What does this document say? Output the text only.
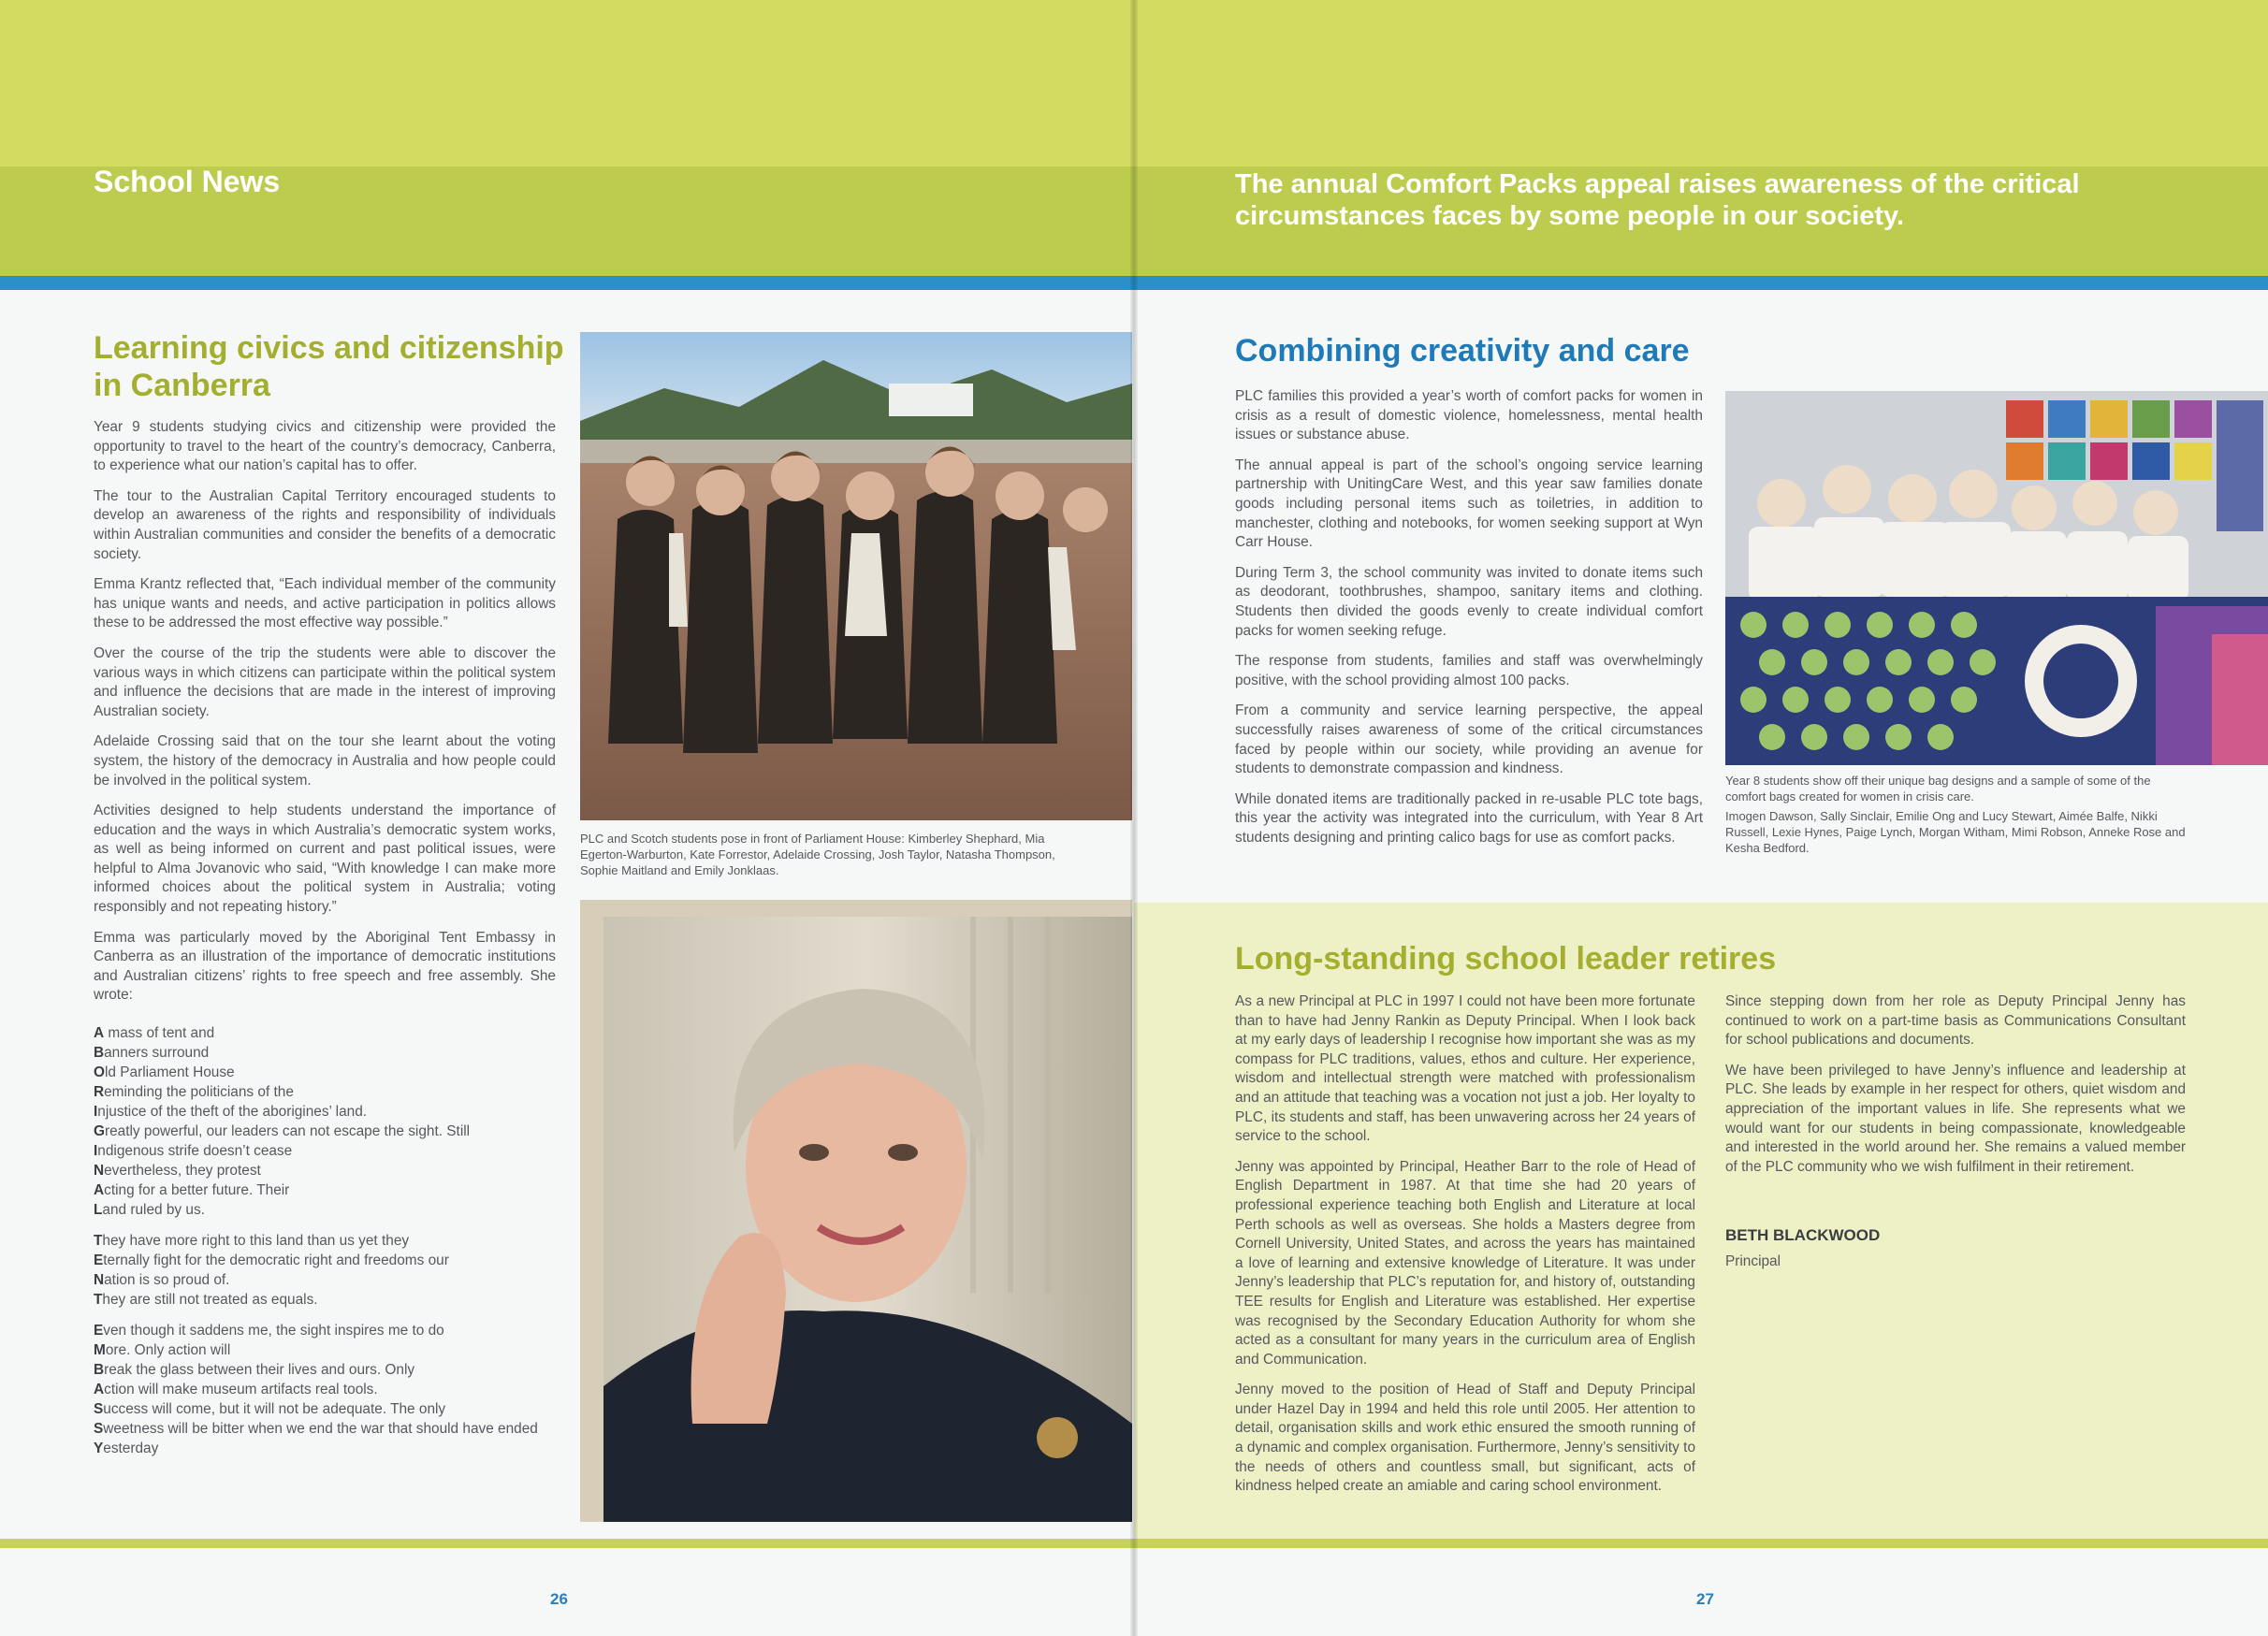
School News
Learning civics and citizenship in Canberra

Year 9 students studying civics and citizenship were provided the opportunity to travel to the heart of the country’s democracy, Canberra, to experience what our nation’s capital has to offer.

The tour to the Australian Capital Territory encouraged students to develop an awareness of the rights and responsibility of individuals within Australian communities and consider the benefits of a democratic society.

Emma Krantz reflected that, “Each individual member of the community has unique wants and needs, and active participation in politics allows these to be addressed the most effective way possible.”

Over the course of the trip the students were able to discover the various ways in which citizens can participate within the political system and influence the decisions that are made in the interest of improving Australian society.

Adelaide Crossing said that on the tour she learnt about the voting system, the history of the democracy in Australia and how people could be involved in the political system.

Activities designed to help students understand the importance of education and the ways in which Australia’s democratic system works, as well as being informed on current and past political issues, were helpful to Alma Jovanovic who said, “With knowledge I can make more informed choices about the political system in Australia; voting responsibly and not repeating history.”

Emma was particularly moved by the Aboriginal Tent Embassy in Canberra as an illustration of the importance of democratic institutions and Australian citizens’ rights to free speech and free assembly. She wrote:

A mass of tent and
Banners surround
Old Parliament House
Reminding the politicians of the
Injustice of the theft of the aborigines’ land.
Greatly powerful, our leaders can not escape the sight. Still
Indigenous strife doesn’t cease
Nevertheless, they protest
Acting for a better future. Their
Land ruled by us.
They have more right to this land than us yet they
Eternally fight for the democratic right and freedoms our
Nation is so proud of.
They are still not treated as equals.
Even though it saddens me, the sight inspires me to do
More. Only action will
Break the glass between their lives and ours. Only
Action will make museum artifacts real tools.
Success will come, but it will not be adequate. The only
Sweetness will be bitter when we end the war that should have ended
Yesterday
PLC and Scotch students pose in front of Parliament House: Kimberley Shephard, Mia Egerton-Warburton, Kate Forrestor, Adelaide Crossing, Josh Taylor, Natasha Thompson, Sophie Maitland and Emily Jonklaas.
26
The annual Comfort Packs appeal raises awareness of the critical circumstances faces by some people in our society.
Combining creativity and care

PLC families this provided a year’s worth of comfort packs for women in crisis as a result of domestic violence, homelessness, mental health issues or substance abuse.

The annual appeal is part of the school’s ongoing service learning partnership with UnitingCare West, and this year saw families donate goods including personal items such as toiletries, in addition to manchester, clothing and notebooks, for women seeking support at Wyn Carr House.

During Term 3, the school community was invited to donate items such as deodorant, toothbrushes, shampoo, sanitary items and clothing. Students then divided the goods evenly to create individual comfort packs for women seeking refuge.

The response from students, families and staff was overwhelmingly positive, with the school providing almost 100 packs.

From a community and service learning perspective, the appeal successfully raises awareness of some of the critical circumstances faced by people within our society, while providing an avenue for students to demonstrate compassion and kindness.

While donated items are traditionally packed in re-usable PLC tote bags, this year the activity was integrated into the curriculum, with Year 8 Art students designing and printing calico bags for use as comfort packs.

Year 8 students show off their unique bag designs and a sample of some of the comfort bags created for women in crisis care.
Imogen Dawson, Sally Sinclair, Emilie Ong and Lucy Stewart, Aimée Balfe, Nikki Russell, Lexie Hynes, Paige Lynch, Morgan Witham, Mimi Robson, Anneke Rose and Kesha Bedford.
Long-standing school leader retires

As a new Principal at PLC in 1997 I could not have been more fortunate than to have had Jenny Rankin as Deputy Principal. When I look back at my early days of leadership I recognise how important she was as my compass for PLC traditions, values, ethos and culture. Her experience, wisdom and intellectual strength were matched with professionalism and an attitude that teaching was a vocation not just a job. Her loyalty to PLC, its students and staff, has been unwavering across her 24 years of service to the school.

Jenny was appointed by Principal, Heather Barr to the role of Head of English Department in 1987. At that time she had 20 years of professional experience teaching both English and Literature at local Perth schools as well as overseas. She holds a Masters degree from Cornell University, United States, and across the years has maintained a love of learning and extensive knowledge of Literature. It was under Jenny’s leadership that PLC’s reputation for, and history of, outstanding TEE results for English and Literature was established. Her expertise was recognised by the Secondary Education Authority for whom she acted as a consultant for many years in the curriculum area of English and Communication.

Jenny moved to the position of Head of Staff and Deputy Principal under Hazel Day in 1994 and held this role until 2005. Her attention to detail, organisation skills and work ethic ensured the smooth running of a dynamic and complex organisation. Furthermore, Jenny’s sensitivity to the needs of others and countless small, but significant, acts of kindness helped create an amiable and caring school environment.

Since stepping down from her role as Deputy Principal Jenny has continued to work on a part-time basis as Communications Consultant for school publications and documents.

We have been privileged to have Jenny’s influence and leadership at PLC. She leads by example in her respect for others, quiet wisdom and appreciation of the important values in life. She represents what we would want for our students in being compassionate, knowledgeable and interested in the world around her. She remains a valued member of the PLC community who we wish fulfilment in their retirement.

BETH BLACKWOOD
Principal
27
